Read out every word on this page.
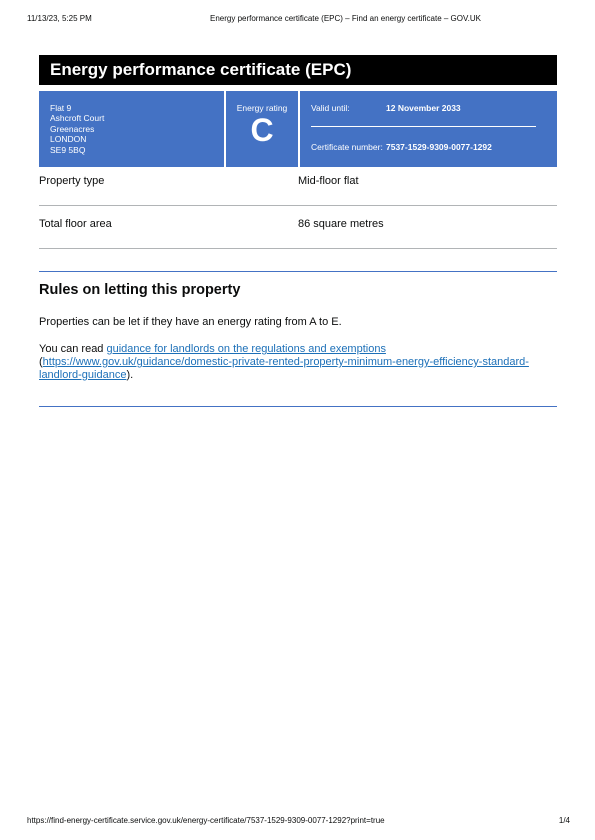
11/13/23, 5:25 PM	Energy performance certificate (EPC) – Find an energy certificate – GOV.UK
Energy performance certificate (EPC)
Flat 9
Ashcroft Court
Greenacres
LONDON
SE9 5BQ
Energy rating
C
Valid until:	12 November 2033
Certificate number: 7537-1529-9309-0077-1292
Property type	Mid-floor flat
Total floor area	86 square metres
Rules on letting this property

Properties can be let if they have an energy rating from A to E.

You can read guidance for landlords on the regulations and exemptions
(https://www.gov.uk/guidance/domestic-private-rented-property-minimum-energy-efficiency-standard-landlord-guidance).

https://find-energy-certificate.service.gov.uk/energy-certificate/7537-1529-9309-0077-1292?print=true	1/4
